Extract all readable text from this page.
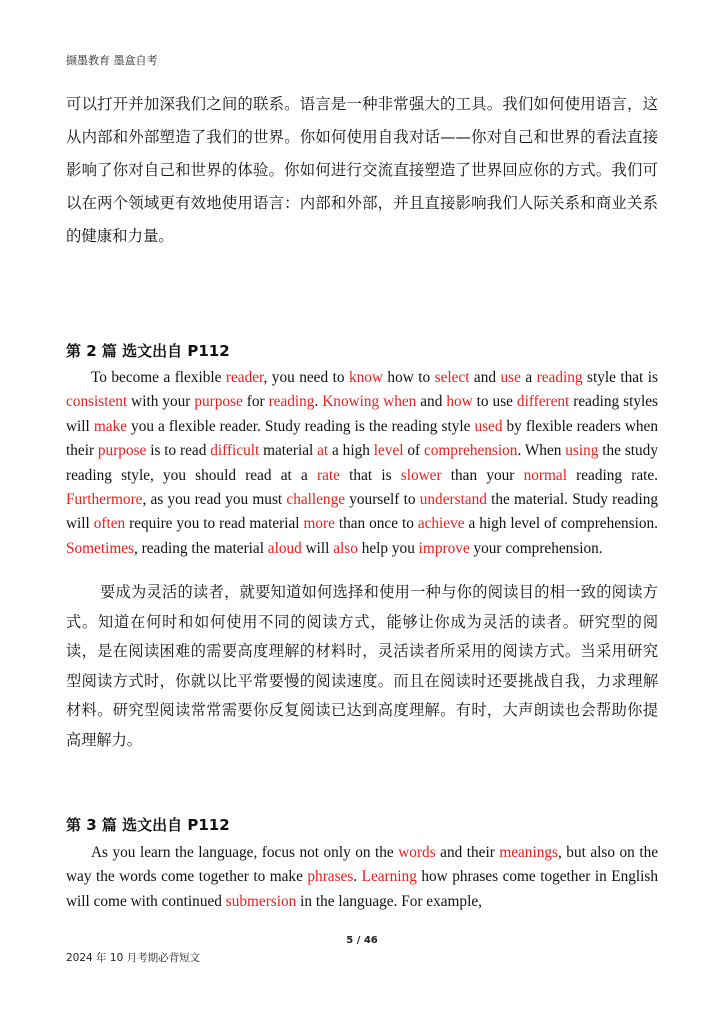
撷墨教育 墨盒自考
可以打开并加深我们之间的联系。语言是一种非常强大的工具。我们如何使用语言，这从内部和外部塑造了我们的世界。你如何使用自我对话——你对自己和世界的看法直接影响了你对自己和世界的体验。你如何进行交流直接塑造了世界回应你的方式。我们可以在两个领域更有效地使用语言：内部和外部，并且直接影响我们人际关系和商业关系的健康和力量。
第 2 篇 选文出自 P112
To become a flexible reader, you need to know how to select and use a reading style that is consistent with your purpose for reading. Knowing when and how to use different reading styles will make you a flexible reader. Study reading is the reading style used by flexible readers when their purpose is to read difficult material at a high level of comprehension. When using the study reading style, you should read at a rate that is slower than your normal reading rate. Furthermore, as you read you must challenge yourself to understand the material. Study reading will often require you to read material more than once to achieve a high level of comprehension. Sometimes, reading the material aloud will also help you improve your comprehension.
要成为灵活的读者，就要知道如何选择和使用一种与你的阅读目的相一致的阅读方式。知道在何时和如何使用不同的阅读方式，能够让你成为灵活的读者。研究型的阅读，是在阅读困难的需要高度理解的材料时，灵活读者所采用的阅读方式。当采用研究型阅读方式时，你就以比平常要慢的阅读速度。而且在阅读时还要挑战自我，力求理解材料。研究型阅读常常需要你反复阅读已达到高度理解。有时，大声朗读也会帮助你提高理解力。
第 3 篇 选文出自 P112
As you learn the language, focus not only on the words and their meanings, but also on the way the words come together to make phrases. Learning how phrases come together in English will come with continued submersion in the language. For example,
5 / 46
2024 年 10 月考期必背短文
